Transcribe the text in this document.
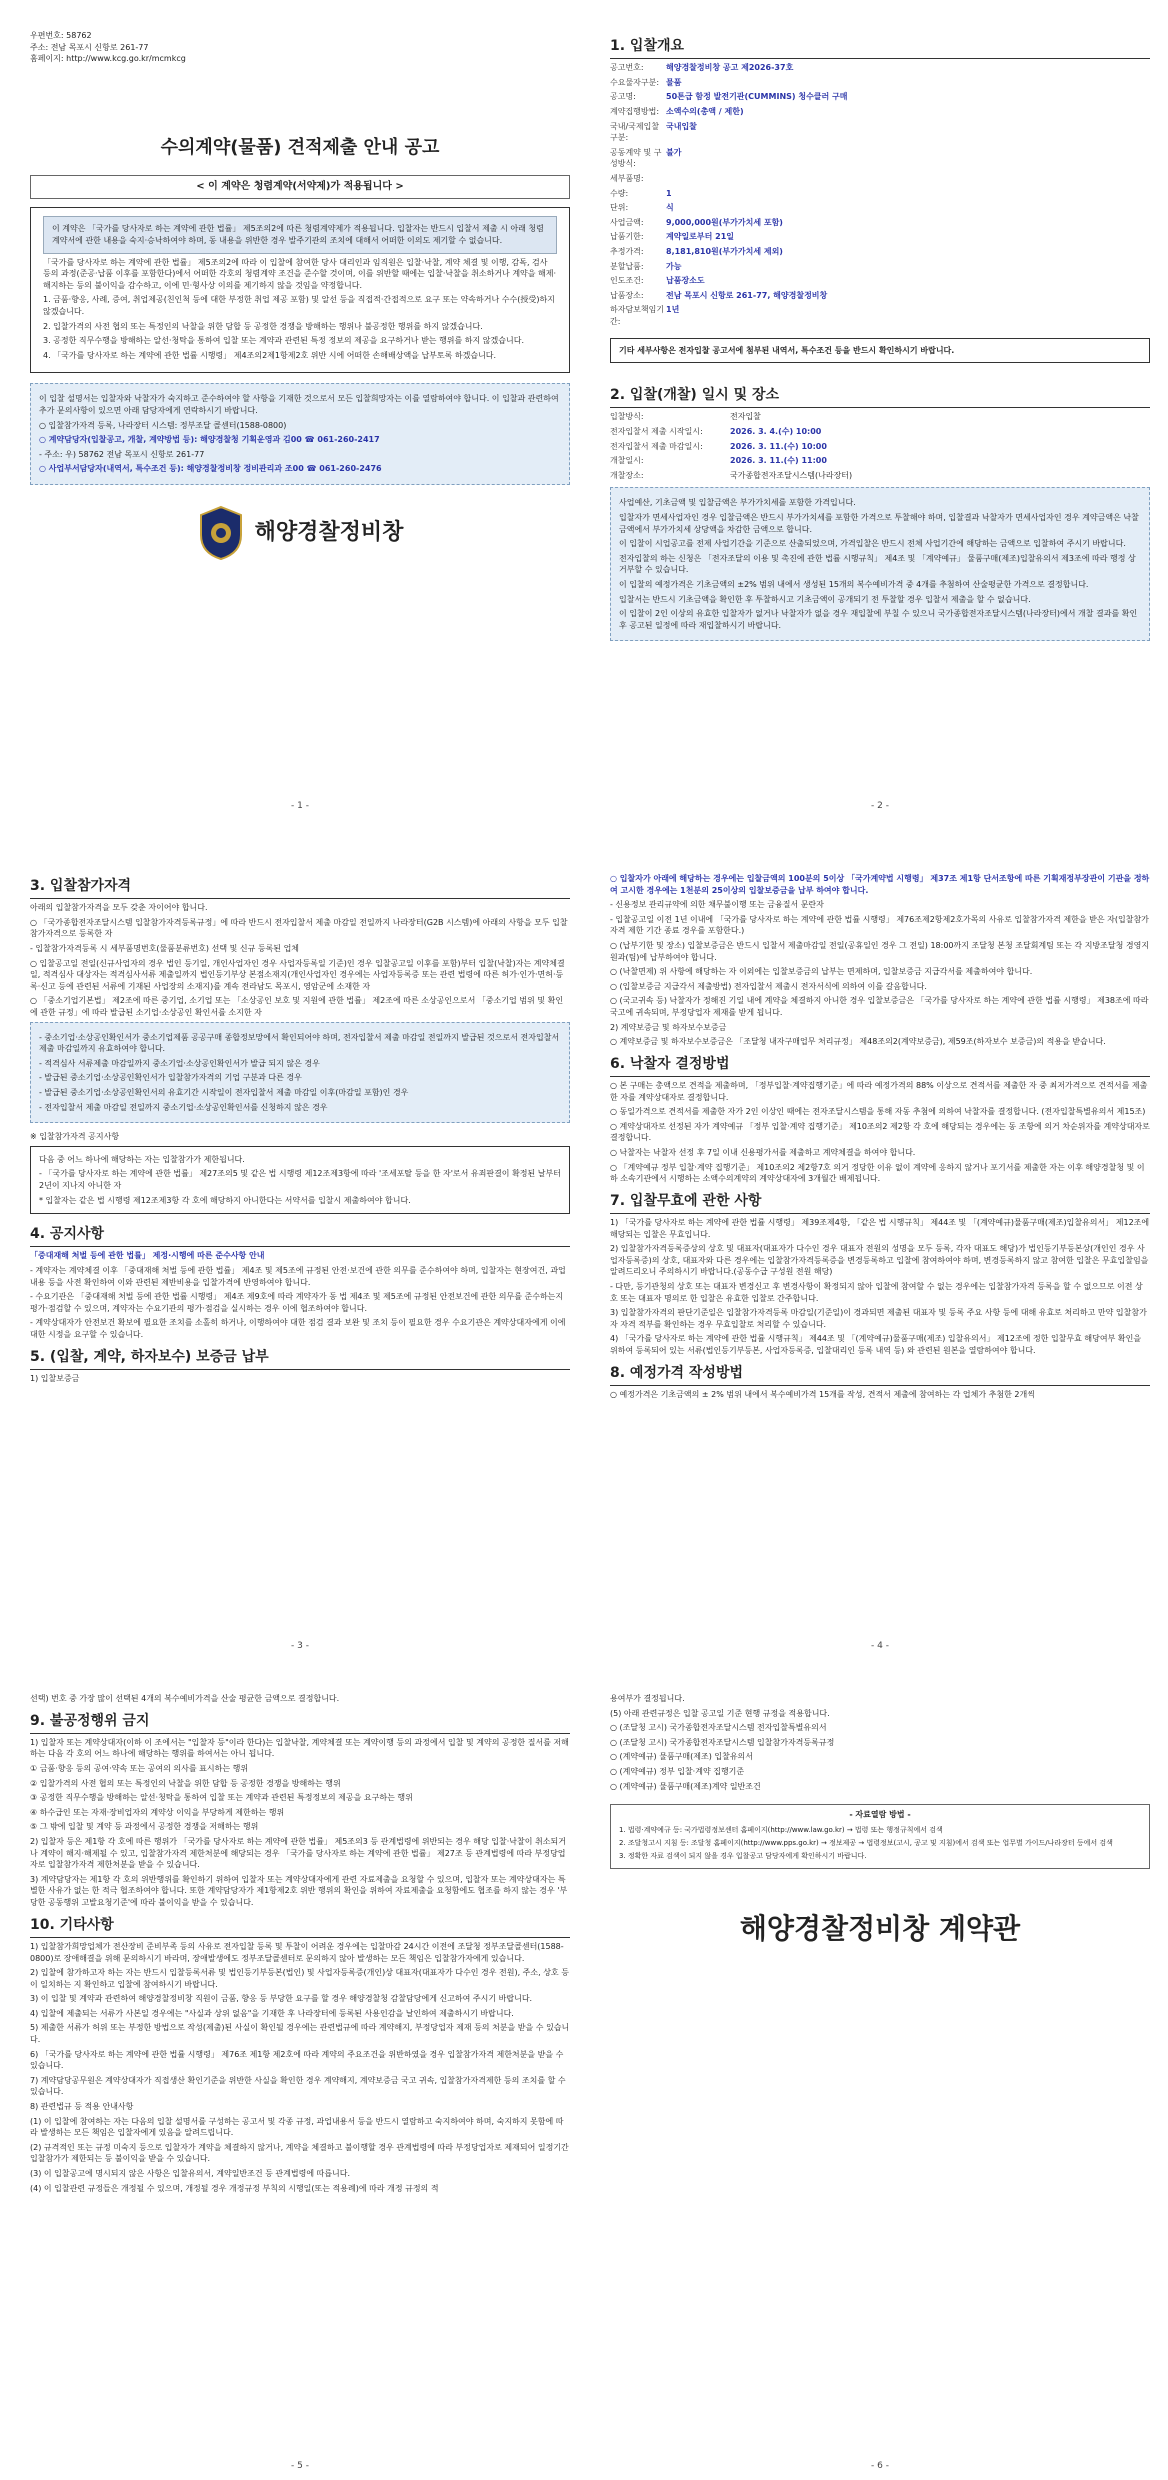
우편번호: 58762

주소: 전남 목포시 신항로 261-77

홈페이지: http://www.kcg.go.kr/mcmkcg

수의계약(물품) 견적제출 안내 공고
< 이 계약은 청렴계약(서약제)가 적용됩니다 >
이 계약은 「국가를 당사자로 하는 계약에 관한 법률」 제5조의2에 따른 청렴계약제가 적용됩니다. 입찰자는 반드시 입찰서 제출 시 아래 청렴계약서에 관한 내용을 숙지·승낙하여야 하며, 동 내용을 위반한 경우 발주기관의 조치에 대해서 어떠한 이의도 제기할 수 없습니다.

「국가를 당사자로 하는 계약에 관한 법률」 제5조의2에 따라 이 입찰에 참여한 당사 대리인과 임직원은 입찰·낙찰, 계약 체결 및 이행, 감독, 검사 등의 과정(준공·납품 이후를 포함한다)에서 어떠한 각호의 청렴계약 조건을 준수할 것이며, 이를 위반할 때에는 입찰·낙찰을 취소하거나 계약을 해제·해지하는 등의 불이익을 감수하고, 이에 민·형사상 이의를 제기하지 않을 것임을 약정합니다.

1. 금품·향응, 사례, 증여, 취업제공(친인척 등에 대한 부정한 취업 제공 포함) 및 알선 등을 직접적·간접적으로 요구 또는 약속하거나 수수(授受)하지 않겠습니다.

2. 입찰가격의 사전 협의 또는 특정인의 낙찰을 위한 담합 등 공정한 경쟁을 방해하는 행위나 불공정한 행위를 하지 않겠습니다.

3. 공정한 직무수행을 방해하는 알선·청탁을 통하여 입찰 또는 계약과 관련된 특정 정보의 제공을 요구하거나 받는 행위를 하지 않겠습니다.

4. 「국가를 당사자로 하는 계약에 관한 법률 시행령」 제4조의2제1항제2호 위반 시에 어떠한 손해배상액을 납부토록 하겠습니다.

이 입찰 설명서는 입찰자와 낙찰자가 숙지하고 준수하여야 할 사항을 기재한 것으로서 모든 입찰희망자는 이를 열람하여야 합니다. 이 입찰과 관련하여 추가 문의사항이 있으면 아래 담당자에게 연락하시기 바랍니다.

○ 입찰참가자격 등록, 나라장터 시스템: 정부조달 콜센터(1588-0800)

○ 계약담당자(입찰공고, 개찰, 계약방법 등): 해양경찰청 기획운영과 김00 ☎ 061-260-2417

- 주소: 우) 58762 전남 목포시 신항로 261-77

○ 사업부서담당자(내역서, 특수조건 등): 해양경찰정비창 정비관리과 조00 ☎ 061-260-2476

해양경찰정비창
- 1 -
1. 입찰개요
공고번호:	해양경찰정비창 공고 제2026-37호
수요물자구분: 물품
공고명:	50톤급 함정 발전기관(CUMMINS) 청수클러 구매
계약집행방법: 소액수의(총액 / 제한)
국내/국제입찰구분:
국내입찰
공동계약 및 구성방식:
불가
세부품명:
수량:	1
단위:	식
사업금액:	9,000,000원(부가가치세 포함)
납품기한:	계약일로부터 21일
추정가격:	8,181,810원(부가가치세 제외)
분할납품:	가능
인도조건:	납품장소도
납품장소:	전남 목포시 신항로 261-77, 해양경찰정비창
하자담보책임기간:
1년
기타 세부사항은 전자입찰 공고서에 첨부된 내역서, 특수조건 등을 반드시 확인하시기 바랍니다.
2. 입찰(개찰) 일시 및 장소
입찰방식:	전자입찰
전자입찰서 제출 시작일시:	2026. 3. 4.(수) 10:00
전자입찰서 제출 마감일시:	2026. 3. 11.(수) 10:00
개찰일시:	2026. 3. 11.(수) 11:00
개찰장소:	국가종합전자조달시스템(나라장터)

사업예산, 기초금액 및 입찰금액은 부가가치세를 포함한 가격입니다.

입찰자가 면세사업자인 경우 입찰금액은 반드시 부가가치세를 포함한 가격으로 투찰해야 하며, 입찰결과 낙찰자가 면세사업자인 경우 계약금액은 낙찰금액에서 부가가치세 상당액을 차감한 금액으로 합니다.

이 입찰이 시업공고를 전제 사업기간을 기준으로 산출되었으며, 가격입찰은 반드시 전체 사업기간에 해당하는 금액으로 입찰하여 주시기 바랍니다.

전자입찰의 하는 신청은 「전자조달의 이용 및 촉진에 관한 법률 시행규칙」 제4조 및 「계약예규」 물품구매(제조)입찰유의서 제3조에 따라 행정 상 거부할 수 있습니다.

이 입찰의 예정가격은 기초금액의 ±2% 범위 내에서 생성된 15개의 복수예비가격 중 4개를 추첨하여 산술평균한 가격으로 결정합니다.

입찰서는 반드시 기초금액을 확인한 후 투찰하시고 기초금액이 공개되기 전 투찰할 경우 입찰서 제출을 할 수 없습니다.

이 입찰이 2인 이상의 유효한 입찰자가 없거나 낙찰자가 없을 경우 재입찰에 부칠 수 있으니 국가종합전자조달시스템(나라장터)에서 개찰 결과를 확인 후 공고된 일정에 따라 재입찰하시기 바랍니다.

- 2 -
3. 입찰참가자격

아래의 입찰참가자격을 모두 갖춘 자이어야 합니다.

○ 「국가종합전자조달시스템 입찰참가자격등록규정」에 따라 반드시 전자입찰서 제출 마감일 전일까지 나라장터(G2B 시스템)에 아래의 사항을 모두 입찰참가자격으로 등록한 자

- 입찰참가자격등록 시 세부품명번호(물품분류번호) 선택 및 신규 등록된 업체

○ 입찰공고일 전일(신규사업자의 경우 법인 등기일, 개인사업자인 경우 사업자등록일 기준)인 경우 입찰공고일 이후를 포함)부터 입찰(낙찰)자는 계약체결일, 적격심사 대상자는 적격심사서류 제출일까지 법인등기부상 본점소재지(개인사업자인 경우에는 사업자등록증 또는 관련 법령에 따른 허가·인가·면허·등록·신고 등에 관련된 서류에 기재된 사업장의 소재지)를 계속 전라남도 목포시, 영암군에 소재한 자

○ 「중소기업기본법」 제2조에 따른 중기업, 소기업 또는 「소상공인 보호 및 지원에 관한 법률」 제2조에 따른 소상공인으로서 「중소기업 범위 및 확인에 관한 규정」에 따라 발급된 소기업·소상공인 확인서를 소지한 자

- 중소기업·소상공인확인서가 중소기업제품 공공구매 종합정보망에서 확인되어야 하며, 전자입찰서 제출 마감일 전일까지 발급된 것으로서 전자입찰서 제출 마감일까지 유효하여야 합니다.

- 적격심사 서류제출 마감일까지 중소기업·소상공인확인서가 발급 되지 않은 경우

- 발급된 중소기업·소상공인확인서가 입찰참가자격의 기업 구분과 다른 경우

- 발급된 중소기업·소상공인확인서의 유효기간 시작일이 전자입찰서 제출 마감일 이후(마감일 포함)인 경우

- 전자입찰서 제출 마감일 전일까지 중소기업·소상공인확인서를 신청하지 않은 경우

※ 입찰참가자격 공지사항

다음 중 어느 하나에 해당하는 자는 입찰참가가 제한됩니다.

- 「국가를 당사자로 하는 계약에 관한 법률」 제27조의5 및 같은 법 시행령 제12조제3항에 따라 '조세포탈 등을 한 자'로서 유죄판결이 확정된 날부터 2년이 지나지 아니한 자

* 입찰자는 같은 법 시행령 제12조제3항 각 호에 해당하지 아니한다는 서약서를 입찰시 제출하여야 합니다.

4. 공지사항

「중대재해 처벌 등에 관한 법률」 제정·시행에 따른 준수사항 안내

- 계약자는 계약체결 이후 「중대재해 처벌 등에 관한 법률」 제4조 및 제5조에 규정된 안전·보건에 관한 의무를 준수하여야 하며, 입찰자는 현장여건, 과업내용 등을 사전 확인하여 이와 관련된 제반비용을 입찰가격에 반영하여야 합니다.

- 수요기관은 「중대재해 처벌 등에 관한 법률 시행령」 제4조 제9호에 따라 계약자가 동 법 제4조 및 제5조에 규정된 안전보건에 관한 의무를 준수하는지 평가·점검할 수 있으며, 계약자는 수요기관의 평가·점검을 실시하는 경우 이에 협조하여야 합니다.

- 계약상대자가 안전보건 확보에 필요한 조치를 소홀히 하거나, 이행하여야 대한 점검 결과 보완 및 조치 등이 필요한 경우 수요기관은 계약상대자에게 이에 대한 시정을 요구할 수 있습니다.

5. (입찰, 계약, 하자보수) 보증금 납부

1) 입찰보증금

- 3 -

○ 입찰자가 아래에 해당하는 경우에는 입찰금액의 100분의 5이상 「국가계약법 시행령」 제37조 제1항 단서조항에 따른 기획재정부장관이 기관을 정하여 고시한 경우에는 1천분의 25이상의 입찰보증금을 납부 하여야 합니다.

- 신용정보 관리규약에 의한 채무불이행 또는 금융질서 문란자

- 입찰공고일 이전 1년 이내에 「국가를 당사자로 하는 계약에 관한 법률 시행령」 제76조제2항제2호가목의 사유로 입찰참가자격 제한을 받은 자(입찰참가자격 제한 기간 종료 경우를 포함한다.)

○ (납부기한 및 장소) 입찰보증금은 반드시 입찰서 제출마감일 전일(공휴일인 경우 그 전일) 18:00까지 조달청 본청 조달회계팀 또는 각 지방조달청 경영지원과(팀)에 납부하여야 합니다.

○ (낙찰면제) 위 사항에 해당하는 자 이외에는 입찰보증금의 납부는 면제하며, 입찰보증금 지급각서를 제출하여야 합니다.

○ (입찰보증금 지급각서 제출방법) 전자입찰서 제출시 전자서식에 의하여 이를 갈음합니다.

○ (국고귀속 등) 낙찰자가 정해진 기일 내에 계약을 체결하지 아니한 경우 입찰보증금은 「국가를 당사자로 하는 계약에 관한 법률 시행령」 제38조에 따라 국고에 귀속되며, 부정당업자 제재를 받게 됩니다.

2) 계약보증금 및 하자보수보증금

○ 계약보증금 및 하자보수보증금은 「조달청 내자구매업무 처리규정」 제48조의2(계약보증금), 제59조(하자보수 보증금)의 적용을 받습니다.

6. 낙찰자 결정방법

○ 본 구매는 총액으로 견적을 제출하며, 「정부입찰·계약집행기준」에 따라 예정가격의 88% 이상으로 견적서를 제출한 자 중 최저가격으로 견적서를 제출한 자를 계약상대자로 결정합니다.

○ 동일가격으로 견적서를 제출한 자가 2인 이상인 때에는 전자조달시스템을 통해 자동 추첨에 의하여 낙찰자를 결정합니다. (전자입찰특별유의서 제15조)

○ 계약상대자로 선정된 자가 계약예규 「정부 입찰·계약 집행기준」 제10조의2 제2항 각 호에 해당되는 경우에는 동 조항에 의거 차순위자를 계약상대자로 결정합니다.

○ 낙찰자는 낙찰자 선정 후 7일 이내 신용평가서를 제출하고 계약체결을 하여야 합니다.

○ 「계약예규 정부 입찰·계약 집행기준」 제10조의2 제2항7호 의거 정당한 이유 없이 계약에 응하지 않거나 포기서를 제출한 자는 이후 해양경찰청 및 이하 소속기관에서 시행하는 소액수의계약의 계약상대자에 3개월간 배제됩니다.

7. 입찰무효에 관한 사항

1) 「국가를 당사자로 하는 계약에 관한 법률 시행령」 제39조제4항, 「같은 법 시행규칙」 제44조 및 「(계약예규)물품구매(제조)입찰유의서」 제12조에 해당되는 입찰은 무효입니다.

2) 입찰참가자격등록증상의 상호 및 대표자(대표자가 다수인 경우 대표자 전원의 성명을 모두 등록, 각자 대표도 해당)가 법인등기부등본상(개인인 경우 사업자등록증)의 상호, 대표자와 다른 경우에는 입찰참가자격등록증을 변경등록하고 입찰에 참여하여야 하며, 변경등록하지 않고 참여한 입찰은 무효입찰임을 알려드리오니 주의하시기 바랍니다.(공동수급 구성원 전원 해당)

- 다만, 등기관청의 상호 또는 대표자 변경신고 후 변경사항이 확정되지 않아 입찰에 참여할 수 없는 경우에는 입찰참가자격 등록을 할 수 없으므로 이전 상호 또는 대표자 명의로 한 입찰은 유효한 입찰로 간주합니다.

3) 입찰참가자격의 판단기준일은 입찰참가자격등록 마감일(기준일)이 경과되면 제출된 대표자 및 등록 주요 사항 등에 대해 유효로 처리하고 만약 입찰참가자 자격 적부를 확인하는 경우 무효입찰로 처리할 수 있습니다.

4) 「국가를 당사자로 하는 계약에 관한 법률 시행규칙」 제44조 및 「(계약예규)물품구매(제조) 입찰유의서」 제12조에 정한 입찰무효 해당여부 확인을 위하여 등록되어 있는 서류(법인등기부등본, 사업자등록증, 입찰대리인 등록 내역 등) 와 관련된 원본을 열람하여야 합니다.

8. 예정가격 작성방법

○ 예정가격은 기초금액의 ± 2% 범위 내에서 복수예비가격 15개를 작성, 견적서 제출에 참여하는 각 업체가 추첨한 2개씩

- 4 -

선택) 번호 중 가장 많이 선택된 4개의 복수예비가격을 산술 평균한 금액으로 결정합니다.

9. 불공정행위 금지

1) 입찰자 또는 계약상대자(이하 이 조에서는 "입찰자 등"이라 한다)는 입찰낙찰, 계약체결 또는 계약이행 등의 과정에서 입찰 및 계약의 공정한 질서를 저해하는 다음 각 호의 어느 하나에 해당하는 행위를 하여서는 아니 됩니다.

① 금품·향응 등의 공여·약속 또는 공여의 의사를 표시하는 행위

② 입찰가격의 사전 협의 또는 특정인의 낙찰을 위한 담합 등 공정한 경쟁을 방해하는 행위

③ 공정한 직무수행을 방해하는 알선·청탁을 통하여 입찰 또는 계약과 관련된 특정정보의 제공을 요구하는 행위

④ 하수급인 또는 자재·장비업자의 계약상 이익을 부당하게 제한하는 행위

⑤ 그 밖에 입찰 및 계약 등 과정에서 공정한 경쟁을 저해하는 행위

2) 입찰자 등은 제1항 각 호에 따른 행위가 「국가를 당사자로 하는 계약에 관한 법률」 제5조의3 등 관계법령에 위반되는 경우 해당 입찰·낙찰이 취소되거나 계약이 해지·해제될 수 있고, 입찰참가자격 제한처분에 해당되는 경우 「국가를 당사자로 하는 계약에 관한 법률」 제27조 등 관계법령에 따라 부정당업자로 입찰참가자격 제한처분을 받을 수 있습니다.

3) 계약담당자는 제1항 각 호의 위반행위를 확인하기 위하여 입찰자 또는 계약상대자에게 관련 자료제출을 요청할 수 있으며, 입찰자 또는 계약상대자는 특별한 사유가 없는 한 적극 협조하여야 합니다. 또한 계약담당자가 제1항제2호 위반 행위의 확인을 위하여 자료제출을 요청함에도 협조를 하지 않는 경우 '부당한 공동행위 고발요청기준'에 따라 불이익을 받을 수 있습니다.

10. 기타사항

1) 입찰참가희망업체가 전산장비 준비부족 등의 사유로 전자입찰 등록 및 투찰이 어려운 경우에는 입찰마감 24시간 이전에 조달청 정부조달콜센터(1588-0800)로 장애해결을 위해 문의하시기 바라며, 장애발생에도 정부조달콜센터로 문의하지 않아 발생하는 모든 책임은 입찰참가자에게 있습니다.

2) 입찰에 참가하고자 하는 자는 반드시 입찰등록서류 및 법인등기부등본(법인) 및 사업자등록증(개인)상 대표자(대표자가 다수인 경우 전원), 주소, 상호 등이 일치하는 지 확인하고 입찰에 참여하시기 바랍니다.

3) 이 입찰 및 계약과 관련하여 해양경찰정비창 직원이 금품, 향응 등 부당한 요구를 할 경우 해양경찰청 감찰담당에게 신고하여 주시기 바랍니다.

4) 입찰에 제출되는 서류가 사본일 경우에는 "사실과 상위 없음"을 기재한 후 나라장터에 등록된 사용인감을 날인하여 제출하시기 바랍니다.

5) 제출한 서류가 허위 또는 부정한 방법으로 작성(제출)된 사실이 확인될 경우에는 관련법규에 따라 계약해지, 부정당업자 제재 등의 처분을 받을 수 있습니다.

6) 「국가를 당사자로 하는 계약에 관한 법률 시행령」 제76조 제1항 제2호에 따라 계약의 주요조건을 위반하였을 경우 입찰참가자격 제한처분을 받을 수 있습니다.

7) 계약담당공무원은 계약상대자가 직접생산 확인기준을 위반한 사실을 확인한 경우 계약해지, 계약보증금 국고 귀속, 입찰참가자격제한 등의 조치를 할 수 있습니다.

8) 관련법규 등 적용 안내사항

(1) 이 입찰에 참여하는 자는 다음의 입찰 설명서를 구성하는 공고서 및 각종 규정, 과업내용서 등을 반드시 열람하고 숙지하여야 하며, 숙지하지 못함에 따라 발생하는 모든 책임은 입찰자에게 있음을 알려드립니다.

(2) 규격적인 또는 규정 미숙지 등으로 입찰자가 계약을 체결하지 않거나, 계약을 체결하고 불이행할 경우 관계법령에 따라 부정당업자로 제재되어 일정기간 입찰참가가 제한되는 등 불이익을 받을 수 있습니다.

(3) 이 입찰공고에 명시되지 않은 사항은 입찰유의서, 계약일반조건 등 관계법령에 따릅니다.

(4) 이 입찰관련 규정들은 개정될 수 있으며, 개정될 경우 개정규정 부칙의 시행일(또는 적용례)에 따라 개정 규정의 적

- 5 -

용여부가 결정됩니다.

(5) 아래 관련규정은 입찰 공고일 기준 현행 규정을 적용합니다.

○ (조달청 고시) 국가종합전자조달시스템 전자입찰특별유의서

○ (조달청 고시) 국가종합전자조달시스템 입찰참가자격등록규정

○ (계약예규) 물품구매(제조) 입찰유의서

○ (계약예규) 정부 입찰·계약 집행기준

○ (계약예규) 물품구매(제조)계약 일반조건

- 자료열람 방법 -

1. 법령·계약예규 등: 국가법령정보센터 홈페이지(http://www.law.go.kr) → 법령 또는 행정규칙에서 검색

2. 조달청고시 지침 등: 조달청 홈페이지(http://www.pps.go.kr) → 정보제공 → 법령정보(고시, 공고 및 지침)에서 검색 또는 업무별 가이드/나라장터 등에서 검색

3. 정확한 자료 검색이 되지 않을 경우 입찰공고 담당자에게 확인하시기 바랍니다.

해양경찰정비창 계약관
- 6 -
